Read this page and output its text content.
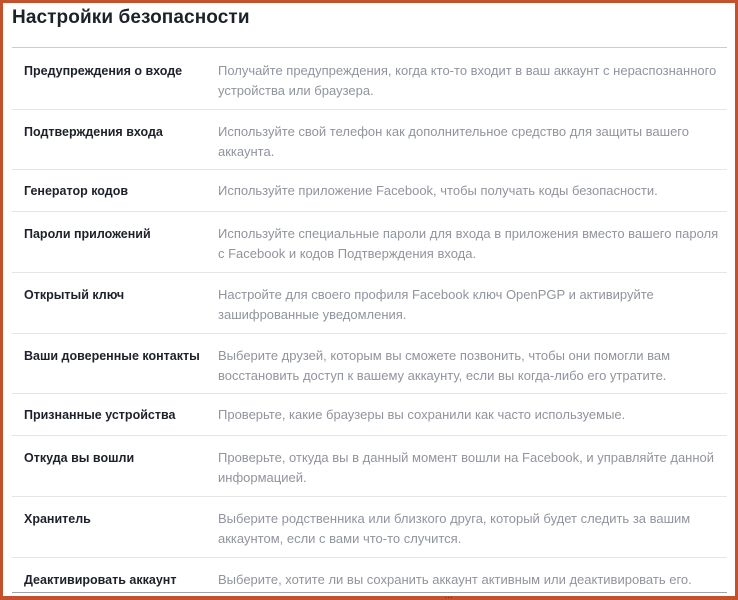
Настройки безопасности
Предупреждения о входе	Получайте предупреждения, когда кто-то входит в ваш аккаунт с нераспознанного устройства или браузера.
Подтверждения входа	Используйте свой телефон как дополнительное средство для защиты вашего аккаунта.
Генератор кодов	Используйте приложение Facebook, чтобы получать коды безопасности.
Пароли приложений	Используйте специальные пароли для входа в приложения вместо вашего пароля с Facebook и кодов Подтверждения входа.
Открытый ключ	Настройте для своего профиля Facebook ключ OpenPGP и активируйте зашифрованные уведомления.
Ваши доверенные контакты	Выберите друзей, которым вы сможете позвонить, чтобы они помогли вам восстановить доступ к вашему аккаунту, если вы когда-либо его утратите.
Признанные устройства	Проверьте, какие браузеры вы сохранили как часто используемые.
Откуда вы вошли	Проверьте, откуда вы в данный момент вошли на Facebook, и управляйте данной информацией.
Хранитель	Выберите родственника или близкого друга, который будет следить за вашим аккаунтом, если с вами что-то случится.
Деактивировать аккаунт	Выберите, хотите ли вы сохранить аккаунт активным или деактивировать его.
…
